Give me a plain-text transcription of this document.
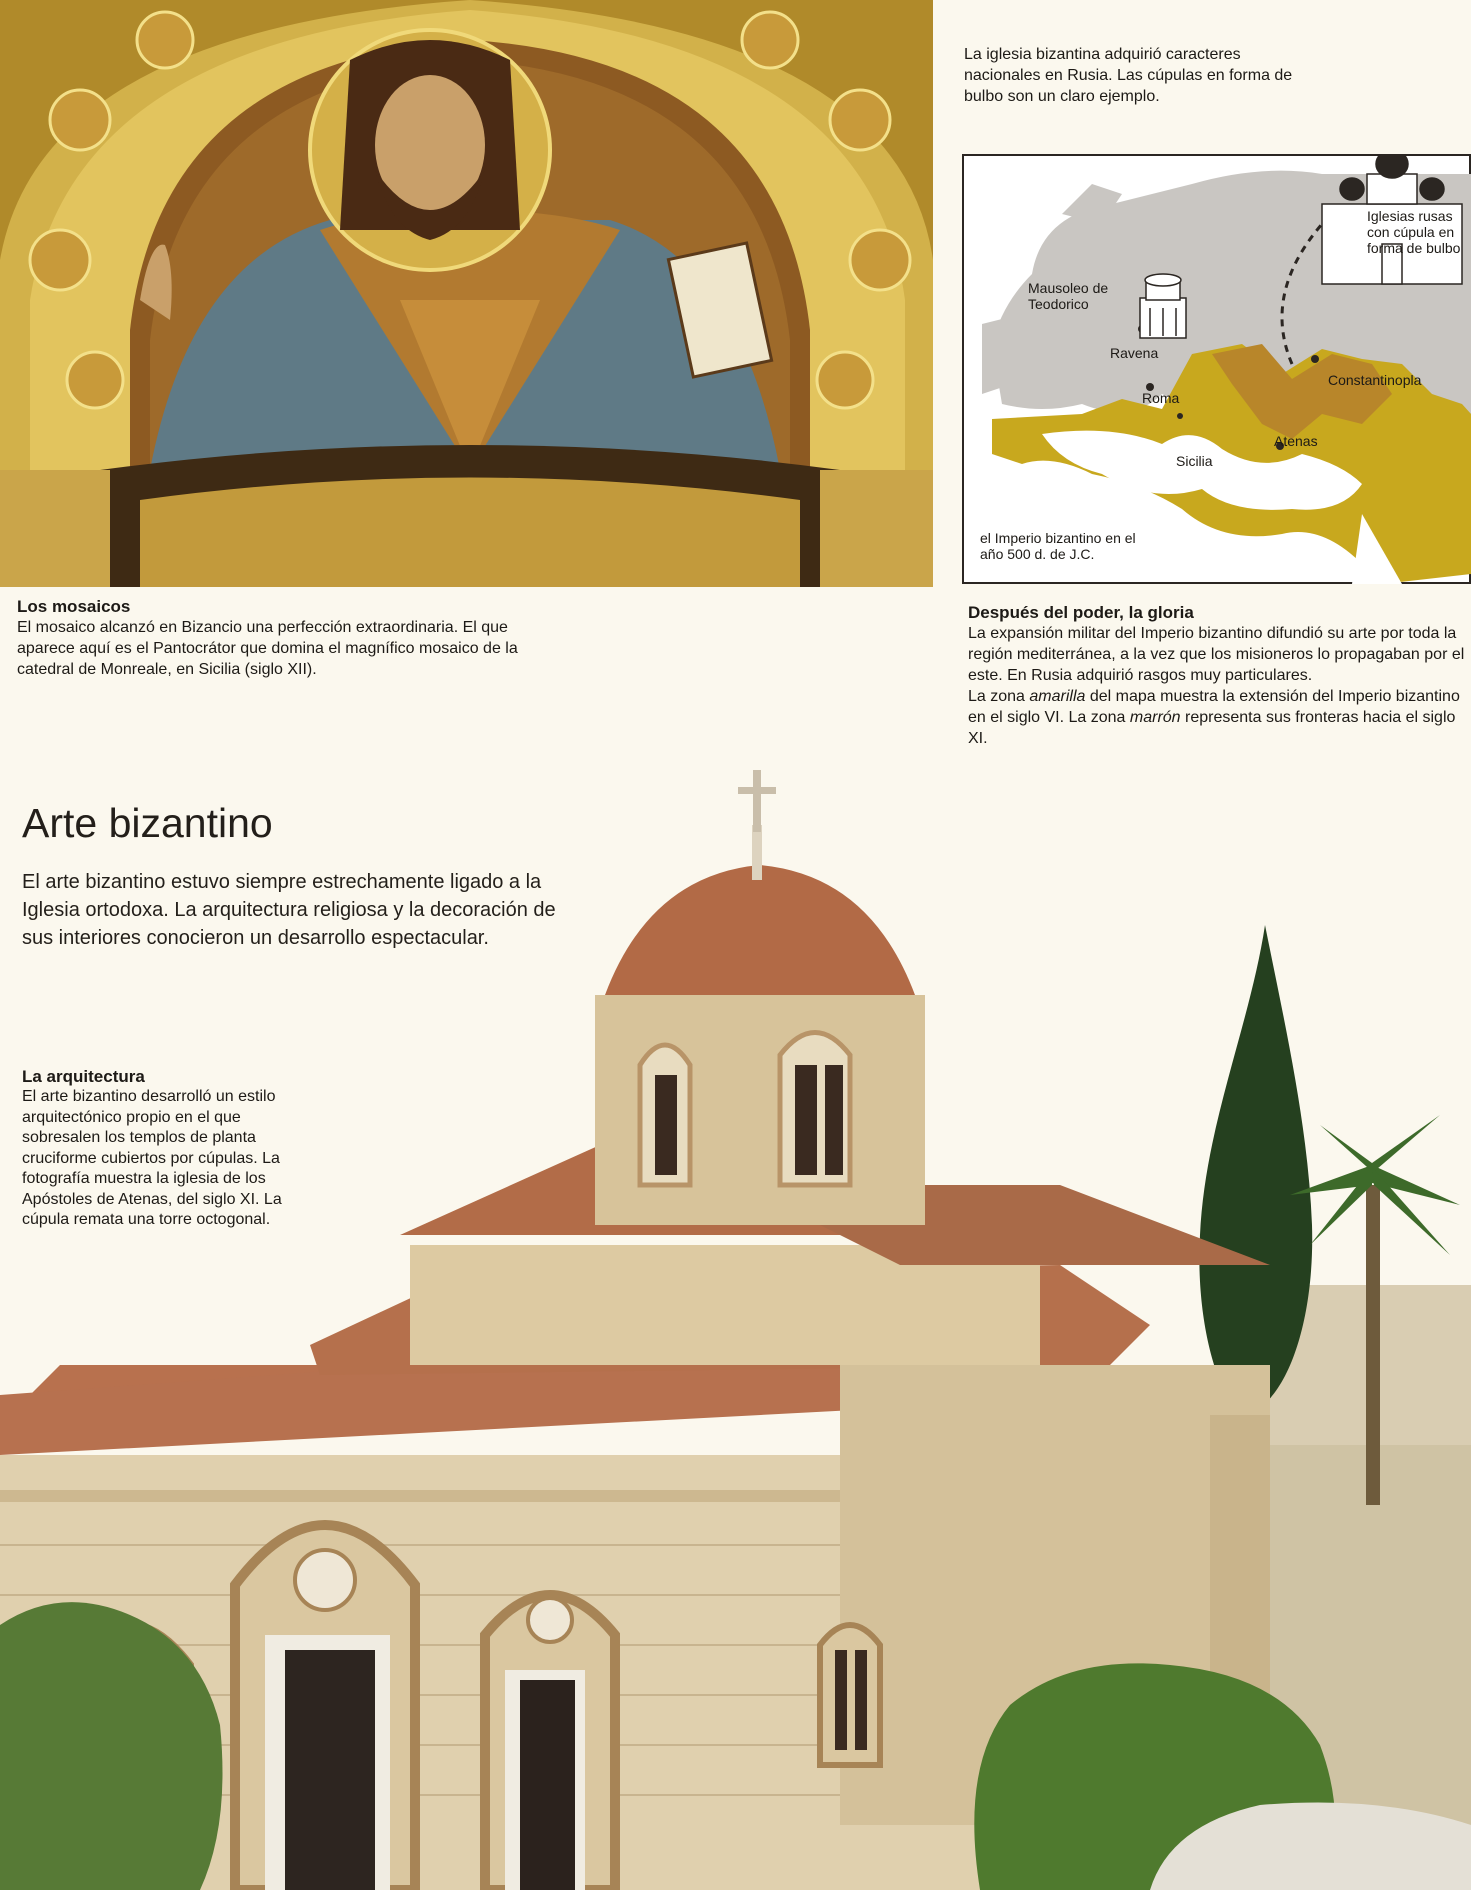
La iglesia bizantina adquirió caracteres nacionales en Rusia. Las cúpulas en forma de bulbo son un claro ejemplo.
Iglesias rusas con cúpula en forma de bulbo
Mausoleo de Teodorico
Ravena
Roma
Constantinopla
Sicilia
Atenas
el Imperio bizantino en el año 500 d. de J.C.
Los mosaicos
El mosaico alcanzó en Bizancio una perfección extraordinaria. El que aparece aquí es el Pantocrátor que domina el magnífico mosaico de la catedral de Monreale, en Sicilia (siglo XII).
Después del poder, la gloria
La expansión militar del Imperio bizantino difundió su arte por toda la región mediterránea, a la vez que los misioneros lo propagaban por el este. En Rusia adquirió rasgos muy particulares.
La zona amarilla del mapa muestra la extensión del Imperio bizantino en el siglo VI. La zona marrón representa sus fronteras hacia el siglo XI.
Arte bizantino
El arte bizantino estuvo siempre estrechamente ligado a la Iglesia ortodoxa. La arquitectura religiosa y la decoración de sus interiores conocieron un desarrollo espectacular.
La arquitectura
El arte bizantino desarrolló un estilo arquitectónico propio en el que sobresalen los templos de planta cruciforme cubiertos por cúpulas. La fotografía muestra la iglesia de los Apóstoles de Atenas, del siglo XI. La cúpula remata una torre octogonal.
